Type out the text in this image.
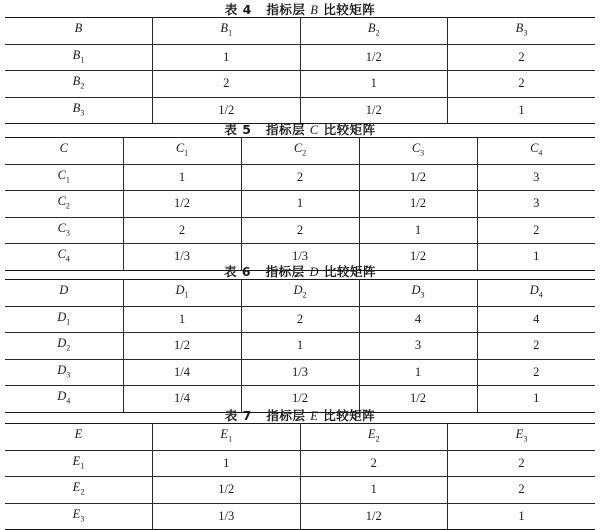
表 4 指标层 B 比较矩阵
B	$B_1$	$B_2$	$B_3$
$B_1$	1	1/2	2
$B_2$	2	1	2
$B_3$	1/2	1/2	1
表 5 指标层 C 比较矩阵
C	$C_1$	$C_2$	$C_3$	$C_4$
$C_1$	1	2	1/2	3
$C_2$	1/2	1	1/2	3
$C_3$	2	2	1	2
$C_4$	1/3	1/3	1/2	1
表 6 指标层 D 比较矩阵
D	$D_1$	$D_2$	$D_3$	$D_4$
$D_1$	1	2	4	4
$D_2$	1/2	1	3	2
$D_3$	1/4	1/3	1	2
$D_4$	1/4	1/2	1/2	1
表 7 指标层 E 比较矩阵
E	$E_1$	$E_2$	$E_3$
$E_1$	1	2	2
$E_2$	1/2	1	2
$E_3$	1/3	1/2	1
